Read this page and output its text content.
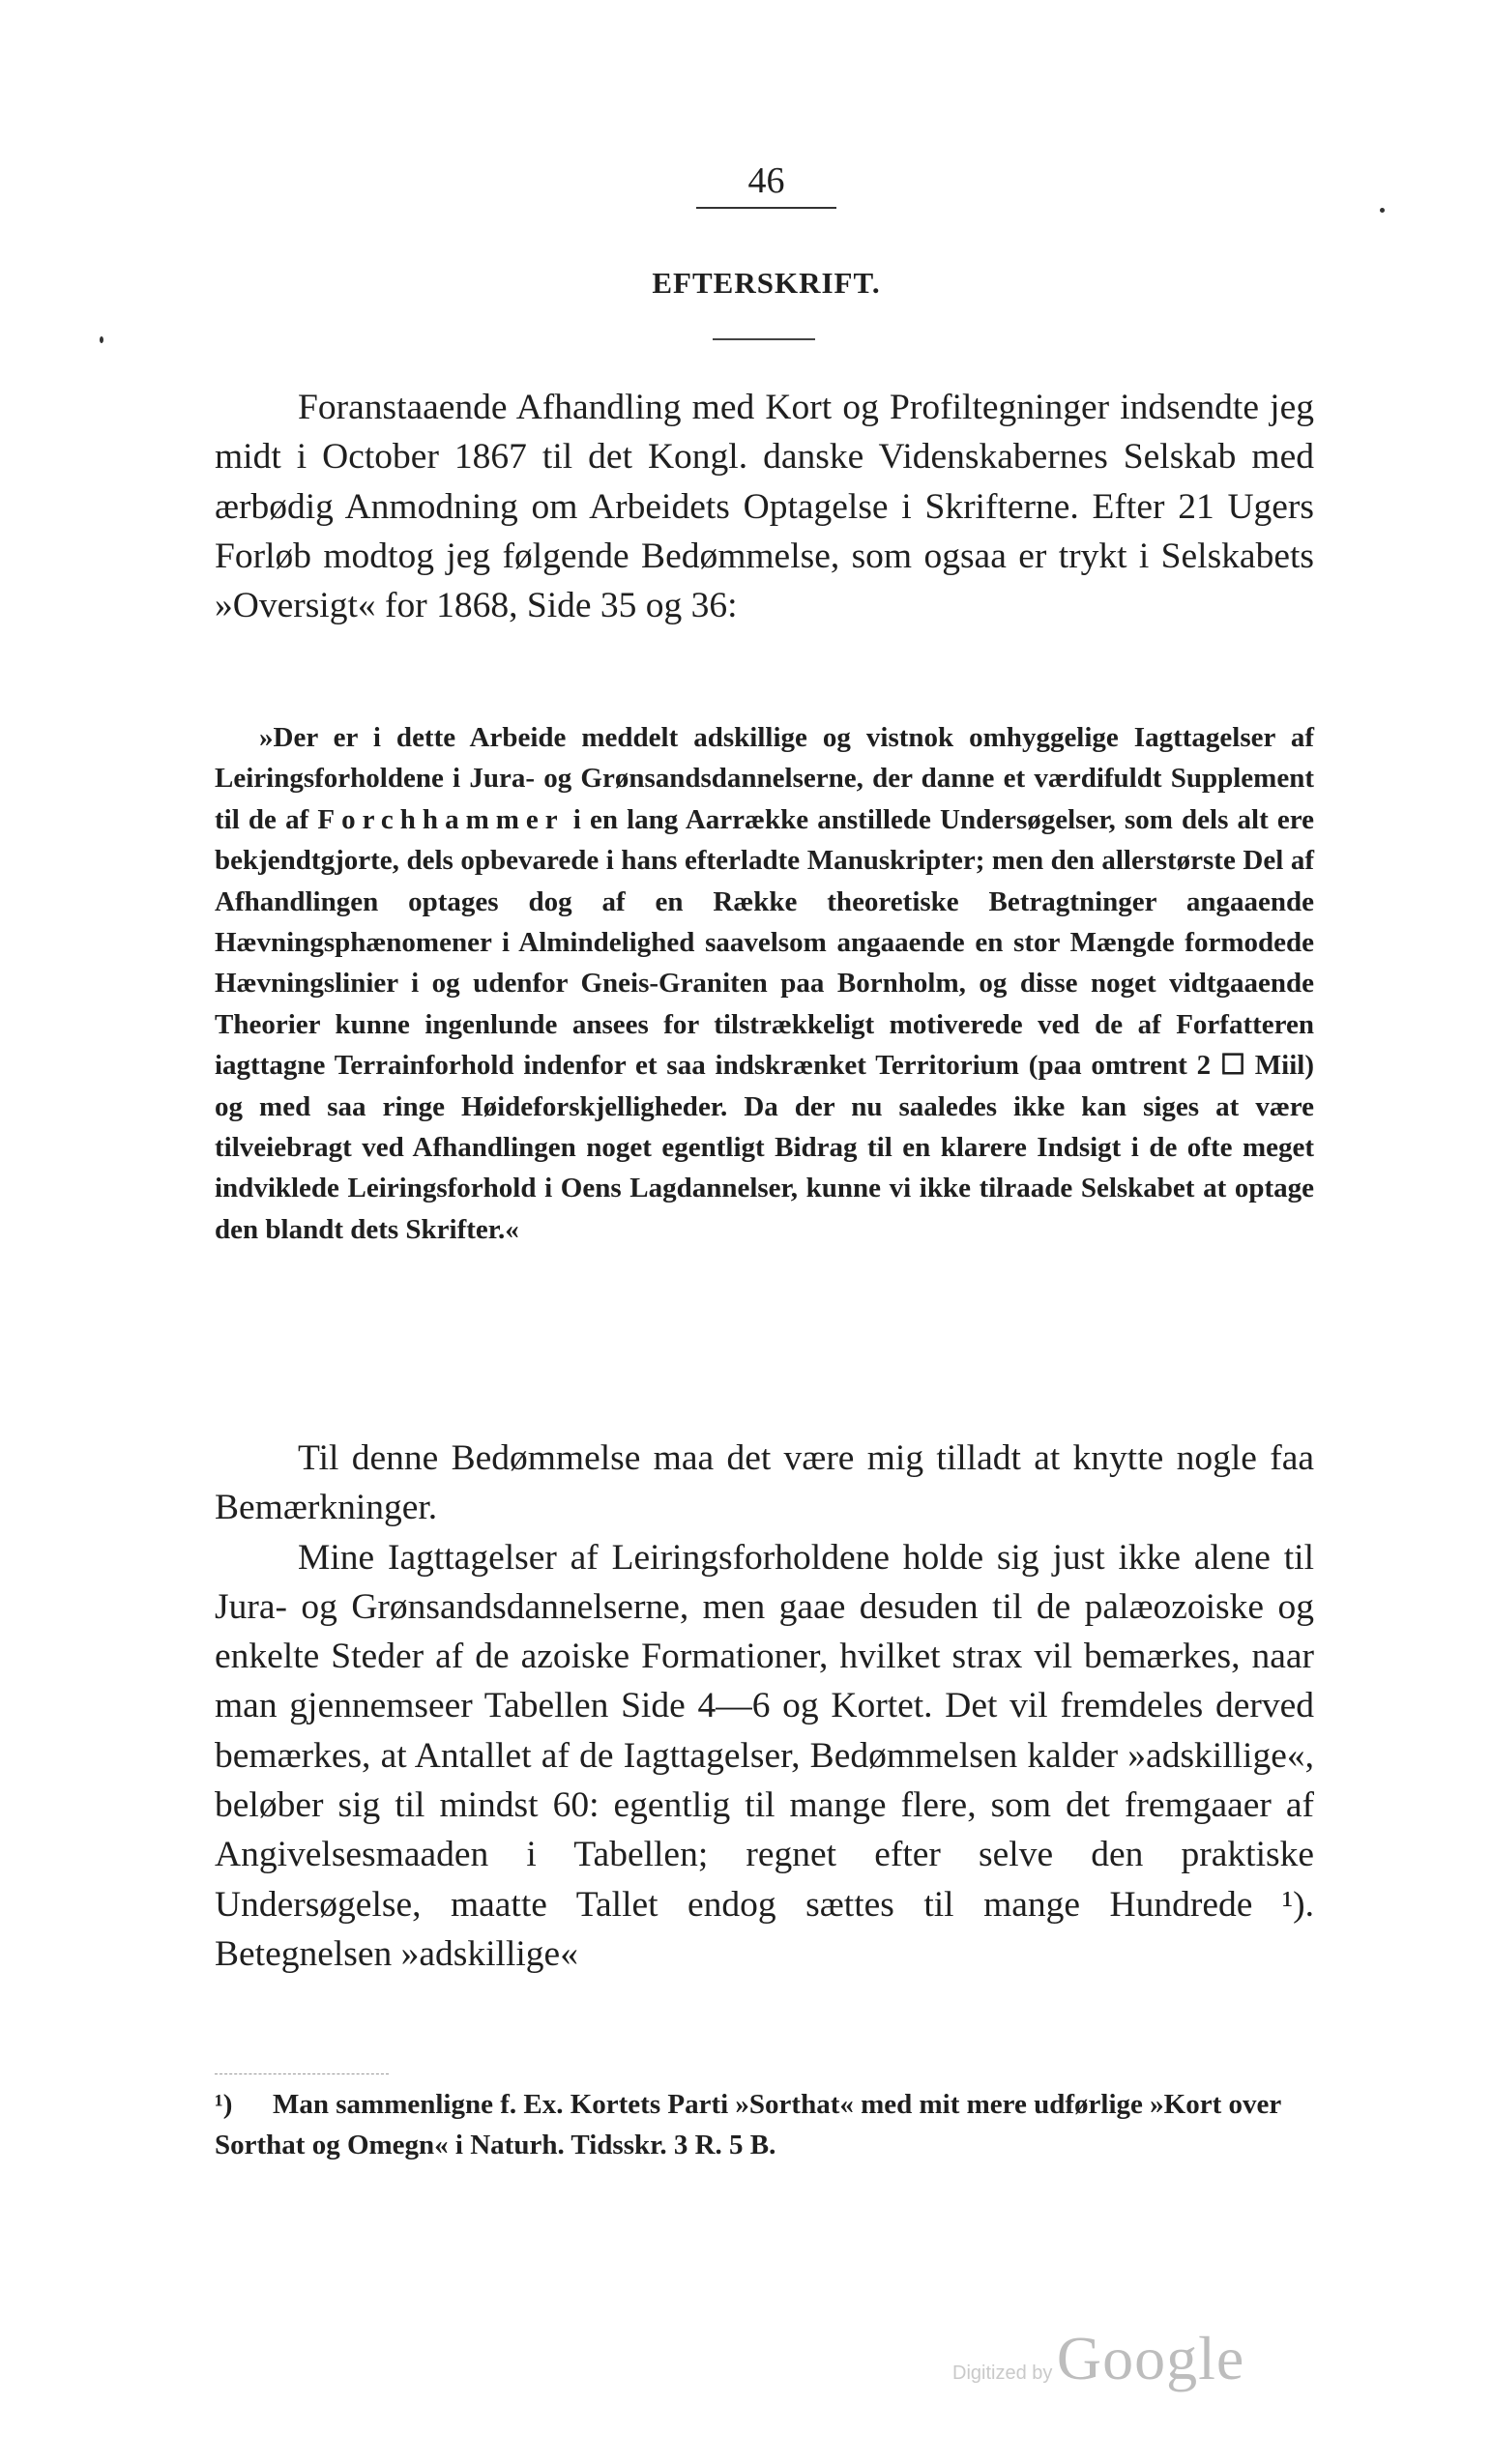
46
EFTERSKRIFT.

Foranstaaende Afhandling med Kort og Profiltegninger indsendte jeg midt i October 1867 til det Kongl. danske Videnskabernes Selskab med ærbødig Anmodning om Arbeidets Optagelse i Skrifterne. Efter 21 Ugers Forløb modtog jeg følgende Bedømmelse, som ogsaa er trykt i Selskabets »Oversigt« for 1868, Side 35 og 36:

»Der er i dette Arbeide meddelt adskillige og vistnok omhyggelige Iagttagelser af Leiringsforholdene i Jura- og Grønsandsdannelserne, der danne et værdifuldt Supplement til de af Forchhammer i en lang Aarrække anstillede Undersøgelser, som dels alt ere bekjendtgjorte, dels opbevarede i hans efterladte Manuskripter; men den allerstørste Del af Afhandlingen optages dog af en Række theoretiske Betragtninger angaaende Hævningsphænomener i Almindelighed saavelsom angaaende en stor Mængde formodede Hævningslinier i og udenfor Gneis-Graniten paa Bornholm, og disse noget vidtgaaende Theorier kunne ingenlunde ansees for tilstrækkeligt motiverede ved de af Forfatteren iagttagne Terrainforhold indenfor et saa indskrænket Territorium (paa omtrent 2 ☐ Miil) og med saa ringe Høideforskjelligheder. Da der nu saaledes ikke kan siges at være tilveiebragt ved Afhandlingen noget egentligt Bidrag til en klarere Indsigt i de ofte meget indviklede Leiringsforhold i Oens Lagdannelser, kunne vi ikke tilraade Selskabet at optage den blandt dets Skrifter.«

Til denne Bedømmelse maa det være mig tilladt at knytte nogle faa Bemærkninger.

Mine Iagttagelser af Leiringsforholdene holde sig just ikke alene til Jura- og Grønsandsdannelserne, men gaae desuden til de palæozoiske og enkelte Steder af de azoiske Formationer, hvilket strax vil bemærkes, naar man gjennemseer Tabellen Side 4—6 og Kortet. Det vil fremdeles derved bemærkes, at Antallet af de Iagttagelser, Bedømmelsen kalder »adskillige«, beløber sig til mindst 60: egentlig til mange flere, som det fremgaaer af Angivelsesmaaden i Tabellen; regnet efter selve den praktiske Undersøgelse, maatte Tallet endog sættes til mange Hundrede ¹). Betegnelsen »adskillige«

¹) Man sammenligne f. Ex. Kortets Parti »Sorthat« med mit mere udførlige »Kort over Sorthat og Omegn« i Naturh. Tidsskr. 3 R. 5 B.

Digitized by Google
